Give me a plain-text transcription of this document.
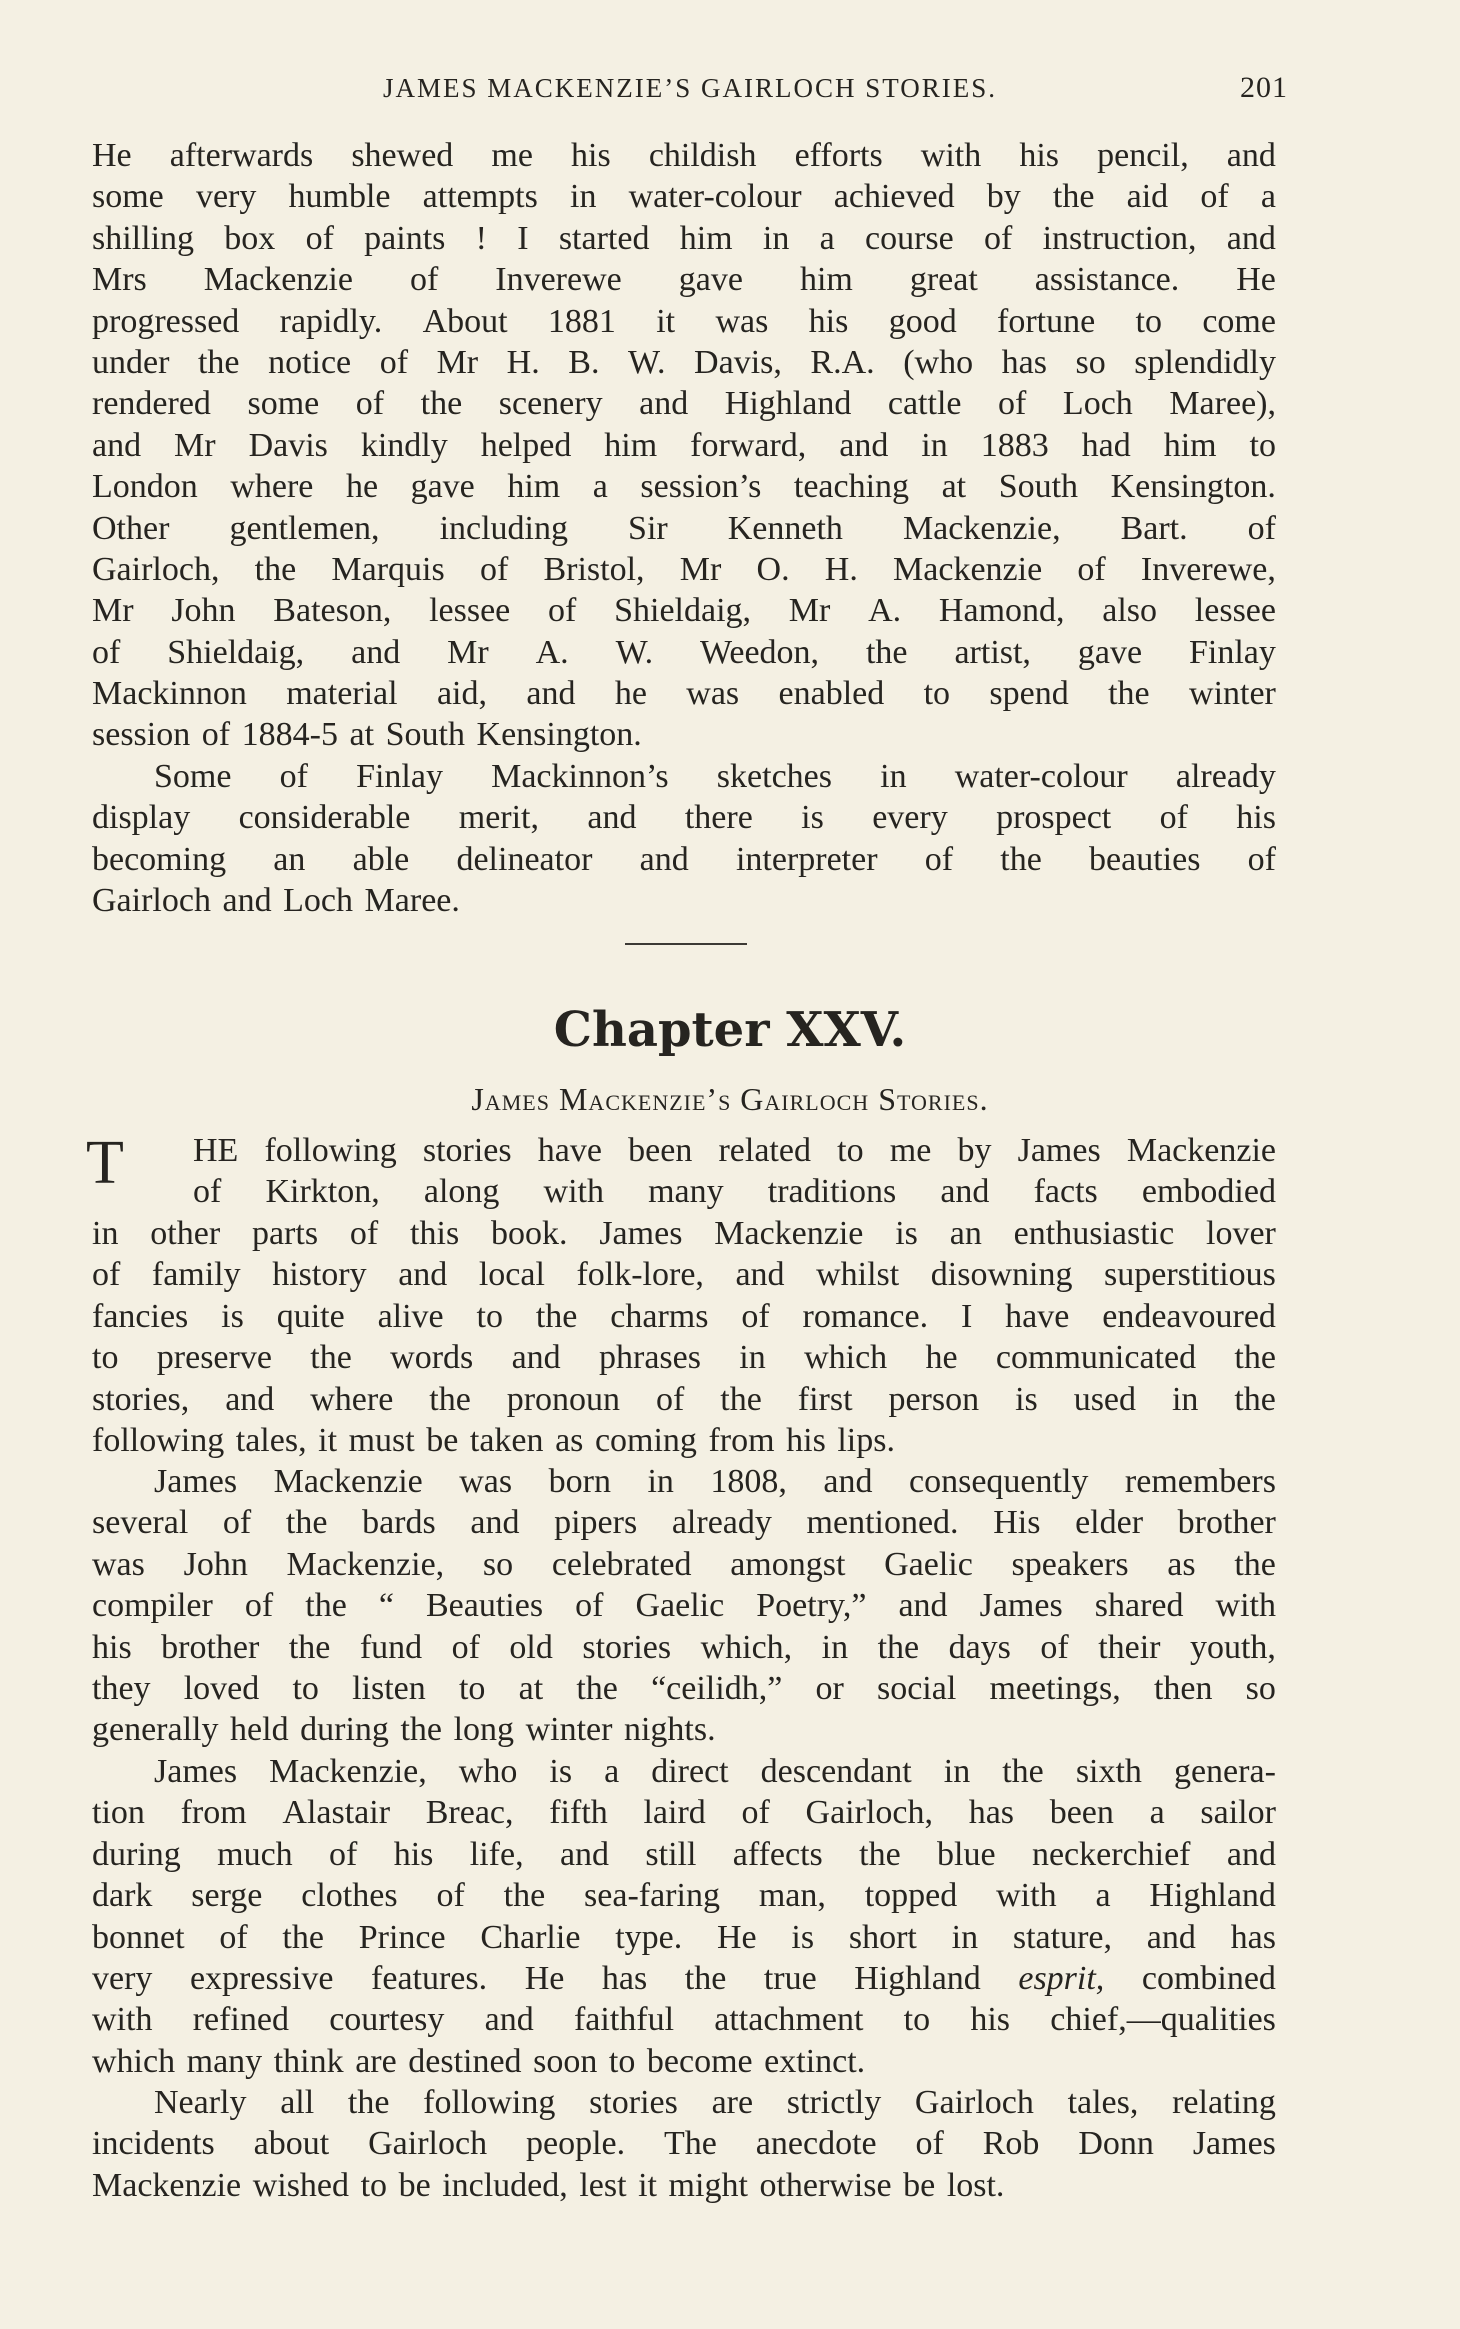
JAMES MACKENZIE’S GAIRLOCH STORIES.	201
He afterwards shewed me his childish efforts with his pencil, and
some very humble attempts in water-colour achieved by the aid of a
shilling box of paints ! I started him in a course of instruction, and
Mrs Mackenzie of Inverewe gave him great assistance. He
progressed rapidly. About 1881 it was his good fortune to come
under the notice of Mr H. B. W. Davis, R.A. (who has so splendidly
rendered some of the scenery and Highland cattle of Loch Maree),
and Mr Davis kindly helped him forward, and in 1883 had him to
London where he gave him a session’s teaching at South Kensington.
Other gentlemen, including Sir Kenneth Mackenzie, Bart. of
Gairloch, the Marquis of Bristol, Mr O. H. Mackenzie of Inverewe,
Mr John Bateson, lessee of Shieldaig, Mr A. Hamond, also lessee
of Shieldaig, and Mr A. W. Weedon, the artist, gave Finlay
Mackinnon material aid, and he was enabled to spend the winter
session of 1884-5 at South Kensington.
Some of Finlay Mackinnon’s sketches in water-colour already
display considerable merit, and there is every prospect of his
becoming an able delineator and interpreter of the beauties of
Gairloch and Loch Maree.
Chapter XXV.
James Mackenzie’s Gairloch Stories.
T HE following stories have been related to me by James Mackenzie
of Kirkton, along with many traditions and facts embodied
in other parts of this book. James Mackenzie is an enthusiastic lover
of family history and local folk-lore, and whilst disowning superstitious
fancies is quite alive to the charms of romance. I have endeavoured
to preserve the words and phrases in which he communicated the
stories, and where the pronoun of the first person is used in the
following tales, it must be taken as coming from his lips.
James Mackenzie was born in 1808, and consequently remembers
several of the bards and pipers already mentioned. His elder brother
was John Mackenzie, so celebrated amongst Gaelic speakers as the
compiler of the “ Beauties of Gaelic Poetry,” and James shared with
his brother the fund of old stories which, in the days of their youth,
they loved to listen to at the “ceilidh,” or social meetings, then so
generally held during the long winter nights.
James Mackenzie, who is a direct descendant in the sixth genera-
tion from Alastair Breac, fifth laird of Gairloch, has been a sailor
during much of his life, and still affects the blue neckerchief and
dark serge clothes of the sea-faring man, topped with a Highland
bonnet of the Prince Charlie type. He is short in stature, and has
very expressive features. He has the true Highland esprit, combined
with refined courtesy and faithful attachment to his chief,—qualities
which many think are destined soon to become extinct.
Nearly all the following stories are strictly Gairloch tales, relating
incidents about Gairloch people. The anecdote of Rob Donn James
Mackenzie wished to be included, lest it might otherwise be lost.
